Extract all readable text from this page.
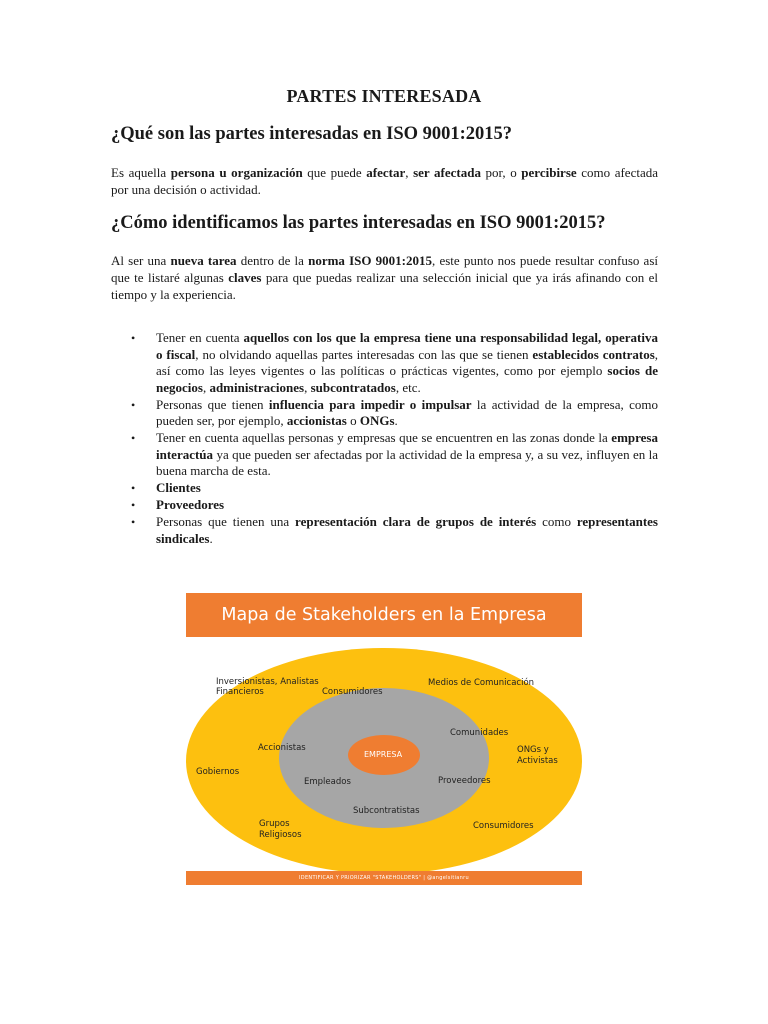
PARTES INTERESADA
¿Qué son las partes interesadas en ISO 9001:2015?
Es aquella persona u organización que puede afectar, ser afectada por, o percibirse como afectada por una decisión o actividad.
¿Cómo identificamos las partes interesadas en ISO 9001:2015?
Al ser una nueva tarea dentro de la norma ISO 9001:2015, este punto nos puede resultar confuso así que te listaré algunas claves para que puedas realizar una selección inicial que ya irás afinando con el tiempo y la experiencia.
• Tener en cuenta aquellos con los que la empresa tiene una responsabilidad legal, operativa o fiscal, no olvidando aquellas partes interesadas con las que se tienen establecidos contratos, así como las leyes vigentes o las políticas o prácticas vigentes, como por ejemplo socios de negocios, administraciones, subcontratados, etc.
• Personas que tienen influencia para impedir o impulsar la actividad de la empresa, como pueden ser, por ejemplo, accionistas o ONGs.
• Tener en cuenta aquellas personas y empresas que se encuentren en las zonas donde la empresa interactúa ya que pueden ser afectadas por la actividad de la empresa y, a su vez, influyen en la buena marcha de esta.
• Clientes
• Proveedores
• Personas que tienen una representación clara de grupos de interés como representantes sindicales.
Mapa de Stakeholders en la Empresa
EMPRESA
Inversionistas, Analistas
Financieros
Medios de Comunicación
ONGs y
Activistas
Gobiernos
Grupos
Religiosos
Consumidores
Consumidores
Accionistas
Comunidades
Empleados	Proveedores
Subcontratistas
IDENTIFICAR Y PRIORIZAR "STAKEHOLDERS" | @angelsitianru
